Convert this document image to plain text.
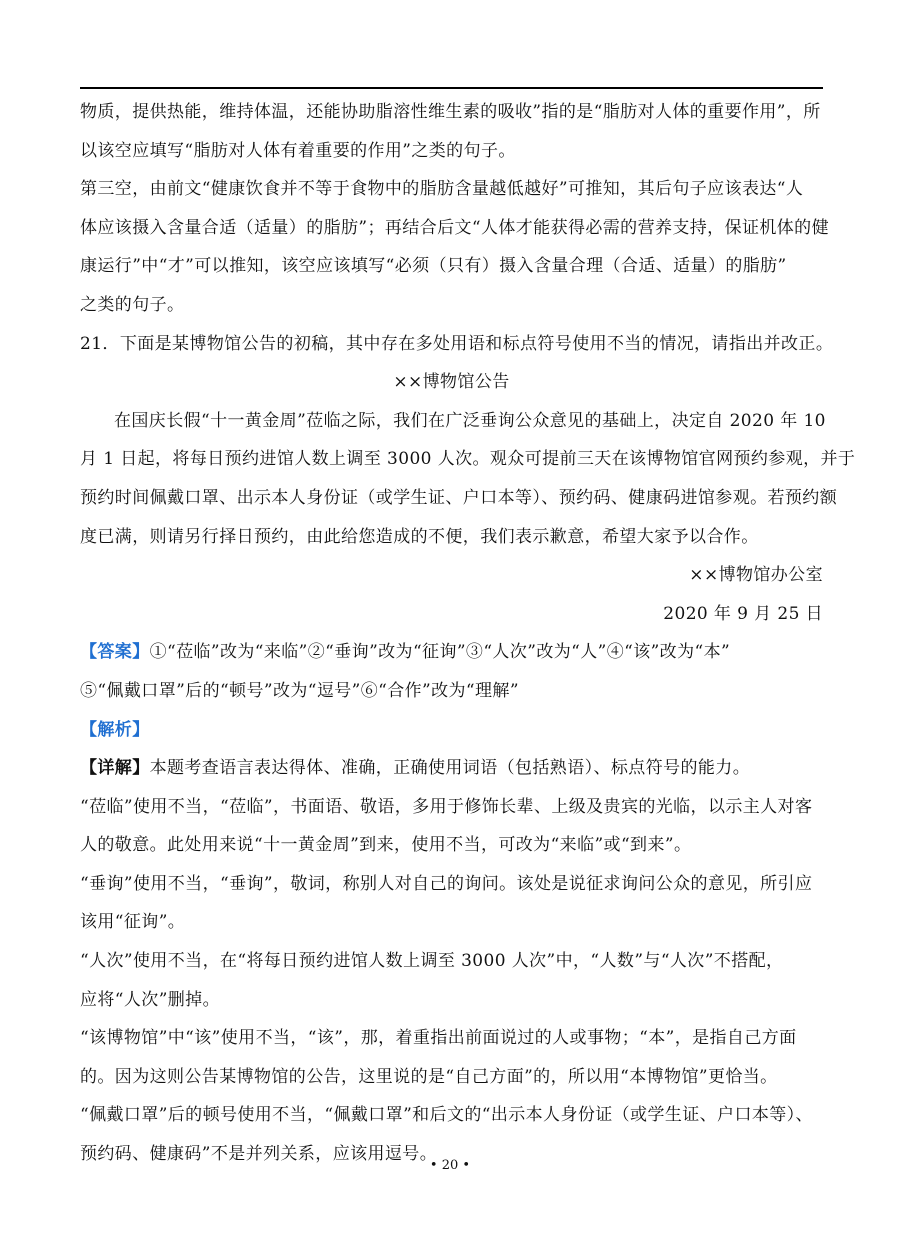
物质，提供热能，维持体温，还能协助脂溶性维生素的吸收”指的是“脂肪对人体的重要作用”，所
以该空应填写“脂肪对人体有着重要的作用”之类的句子。
第三空，由前文“健康饮食并不等于食物中的脂肪含量越低越好”可推知，其后句子应该表达“人
体应该摄入含量合适（适量）的脂肪”；再结合后文“人体才能获得必需的营养支持，保证机体的健
康运行”中“才”可以推知，该空应该填写“必须（只有）摄入含量合理（合适、适量）的脂肪”
之类的句子。
21．下面是某博物馆公告的初稿，其中存在多处用语和标点符号使用不当的情况，请指出并改正。
××博物馆公告
在国庆长假“十一黄金周”莅临之际，我们在广泛垂询公众意见的基础上，决定自 2020 年 10
月 1 日起，将每日预约进馆人数上调至 3000 人次。观众可提前三天在该博物馆官网预约参观，并于
预约时间佩戴口罩、出示本人身份证（或学生证、户口本等）、预约码、健康码进馆参观。若预约额
度已满，则请另行择日预约，由此给您造成的不便，我们表示歉意，希望大家予以合作。
××博物馆办公室
2020 年 9 月 25 日
【答案】①“莅临”改为“来临”②“垂询”改为“征询”③“人次”改为“人”④“该”改为“本”
⑤“佩戴口罩”后的“顿号”改为“逗号”⑥“合作”改为“理解”
【解析】
【详解】本题考查语言表达得体、准确，正确使用词语（包括熟语）、标点符号的能力。
“莅临”使用不当，“莅临”，书面语、敬语，多用于修饰长辈、上级及贵宾的光临，以示主人对客
人的敬意。此处用来说“十一黄金周”到来，使用不当，可改为“来临”或“到来”。
“垂询”使用不当，“垂询”，敬词，称别人对自己的询问。该处是说征求询问公众的意见，所引应
该用“征询”。
“人次”使用不当，在“将每日预约进馆人数上调至 3000 人次”中，“人数”与“人次”不搭配，
应将“人次”删掉。
“该博物馆”中“该”使用不当，“该”，那，着重指出前面说过的人或事物；“本”，是指自己方面
的。因为这则公告某博物馆的公告，这里说的是“自己方面”的，所以用“本博物馆”更恰当。
“佩戴口罩”后的顿号使用不当，“佩戴口罩”和后文的“出示本人身份证（或学生证、户口本等）、
预约码、健康码”不是并列关系，应该用逗号。
• 20 •
